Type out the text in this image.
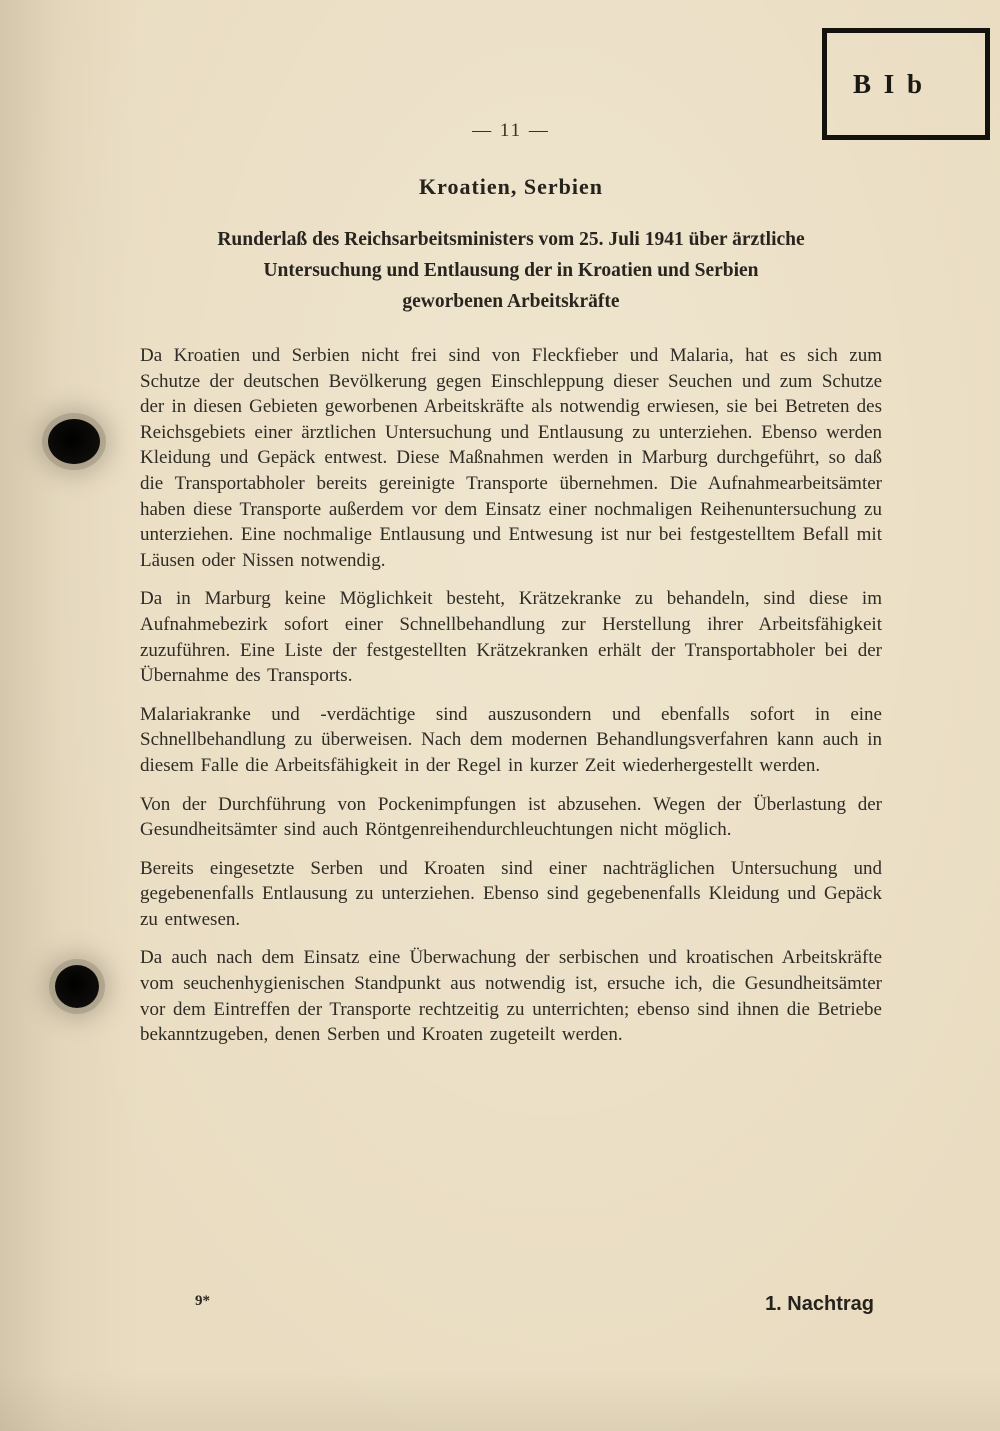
B I b
— 11 —
Kroatien, Serbien
Runderlaß des Reichsarbeitsministers vom 25. Juli 1941 über ärztliche
Untersuchung und Entlausung der in Kroatien und Serbien
geworbenen Arbeitskräfte

Da Kroatien und Serbien nicht frei sind von Fleckfieber und Malaria, hat es sich zum Schutze der deutschen Bevölkerung gegen Einschleppung dieser Seuchen und zum Schutze der in diesen Gebieten geworbenen Arbeitskräfte als notwendig erwiesen, sie bei Betreten des Reichsgebiets einer ärztlichen Untersuchung und Entlausung zu unterziehen. Ebenso werden Kleidung und Gepäck entwest. Diese Maßnahmen werden in Marburg durchgeführt, so daß die Transportabholer bereits gereinigte Transporte übernehmen. Die Aufnahmearbeitsämter haben diese Transporte außerdem vor dem Einsatz einer nochmaligen Reihenuntersuchung zu unterziehen. Eine nochmalige Entlausung und Entwesung ist nur bei festgestelltem Befall mit Läusen oder Nissen notwendig.

Da in Marburg keine Möglichkeit besteht, Krätzekranke zu behandeln, sind diese im Aufnahmebezirk sofort einer Schnellbehandlung zur Herstellung ihrer Arbeitsfähigkeit zuzuführen. Eine Liste der festgestellten Krätzekranken erhält der Transportabholer bei der Übernahme des Transports.

Malariakranke und -verdächtige sind auszusondern und ebenfalls sofort in eine Schnellbehandlung zu überweisen. Nach dem modernen Behandlungsverfahren kann auch in diesem Falle die Arbeitsfähigkeit in der Regel in kurzer Zeit wiederhergestellt werden.

Von der Durchführung von Pockenimpfungen ist abzusehen. Wegen der Überlastung der Gesundheitsämter sind auch Röntgenreihendurchleuchtungen nicht möglich.

Bereits eingesetzte Serben und Kroaten sind einer nachträglichen Untersuchung und gegebenenfalls Entlausung zu unterziehen. Ebenso sind gegebenenfalls Kleidung und Gepäck zu entwesen.

Da auch nach dem Einsatz eine Überwachung der serbischen und kroatischen Arbeitskräfte vom seuchenhygienischen Standpunkt aus notwendig ist, ersuche ich, die Gesundheitsämter vor dem Eintreffen der Transporte rechtzeitig zu unterrichten; ebenso sind ihnen die Betriebe bekanntzugeben, denen Serben und Kroaten zugeteilt werden.

9*	1. Nachtrag
